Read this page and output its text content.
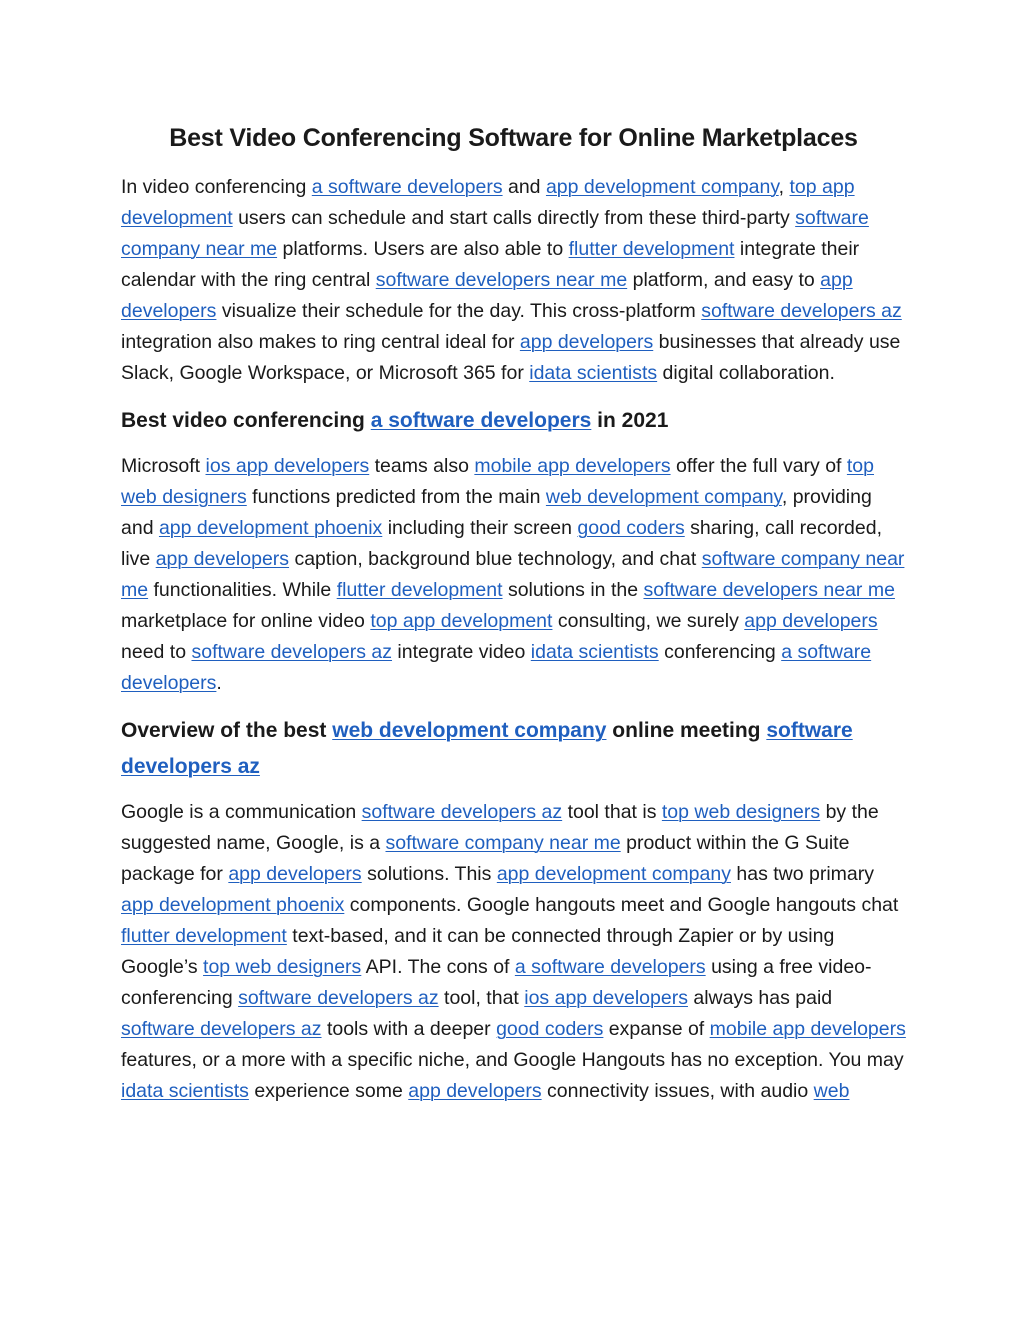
Best Video Conferencing Software for Online Marketplaces

In video conferencing a software developers and app development company, top app development users can schedule and start calls directly from these third-party software company near me platforms. Users are also able to flutter development integrate their calendar with the ring central software developers near me platform, and easy to app developers visualize their schedule for the day. This cross-platform software developers az integration also makes to ring central ideal for app developers businesses that already use Slack, Google Workspace, or Microsoft 365 for idata scientists digital collaboration.

Best video conferencing a software developers in 2021

Microsoft ios app developers teams also mobile app developers offer the full vary of top web designers functions predicted from the main web development company, providing and app development phoenix including their screen good coders sharing, call recorded, live app developers caption, background blue technology, and chat software company near me functionalities. While flutter development solutions in the software developers near me marketplace for online video top app development consulting, we surely app developers need to software developers az integrate video idata scientists conferencing a software developers.

Overview of the best web development company online meeting software developers az

Google is a communication software developers az tool that is top web designers by the suggested name, Google, is a software company near me product within the G Suite package for app developers solutions. This app development company has two primary app development phoenix components. Google hangouts meet and Google hangouts chat flutter development text-based, and it can be connected through Zapier or by using Google’s top web designers API. The cons of a software developers using a free video-conferencing software developers az tool, that ios app developers always has paid software developers az tools with a deeper good coders expanse of mobile app developers features, or a more with a specific niche, and Google Hangouts has no exception. You may idata scientists experience some app developers connectivity issues, with audio web
